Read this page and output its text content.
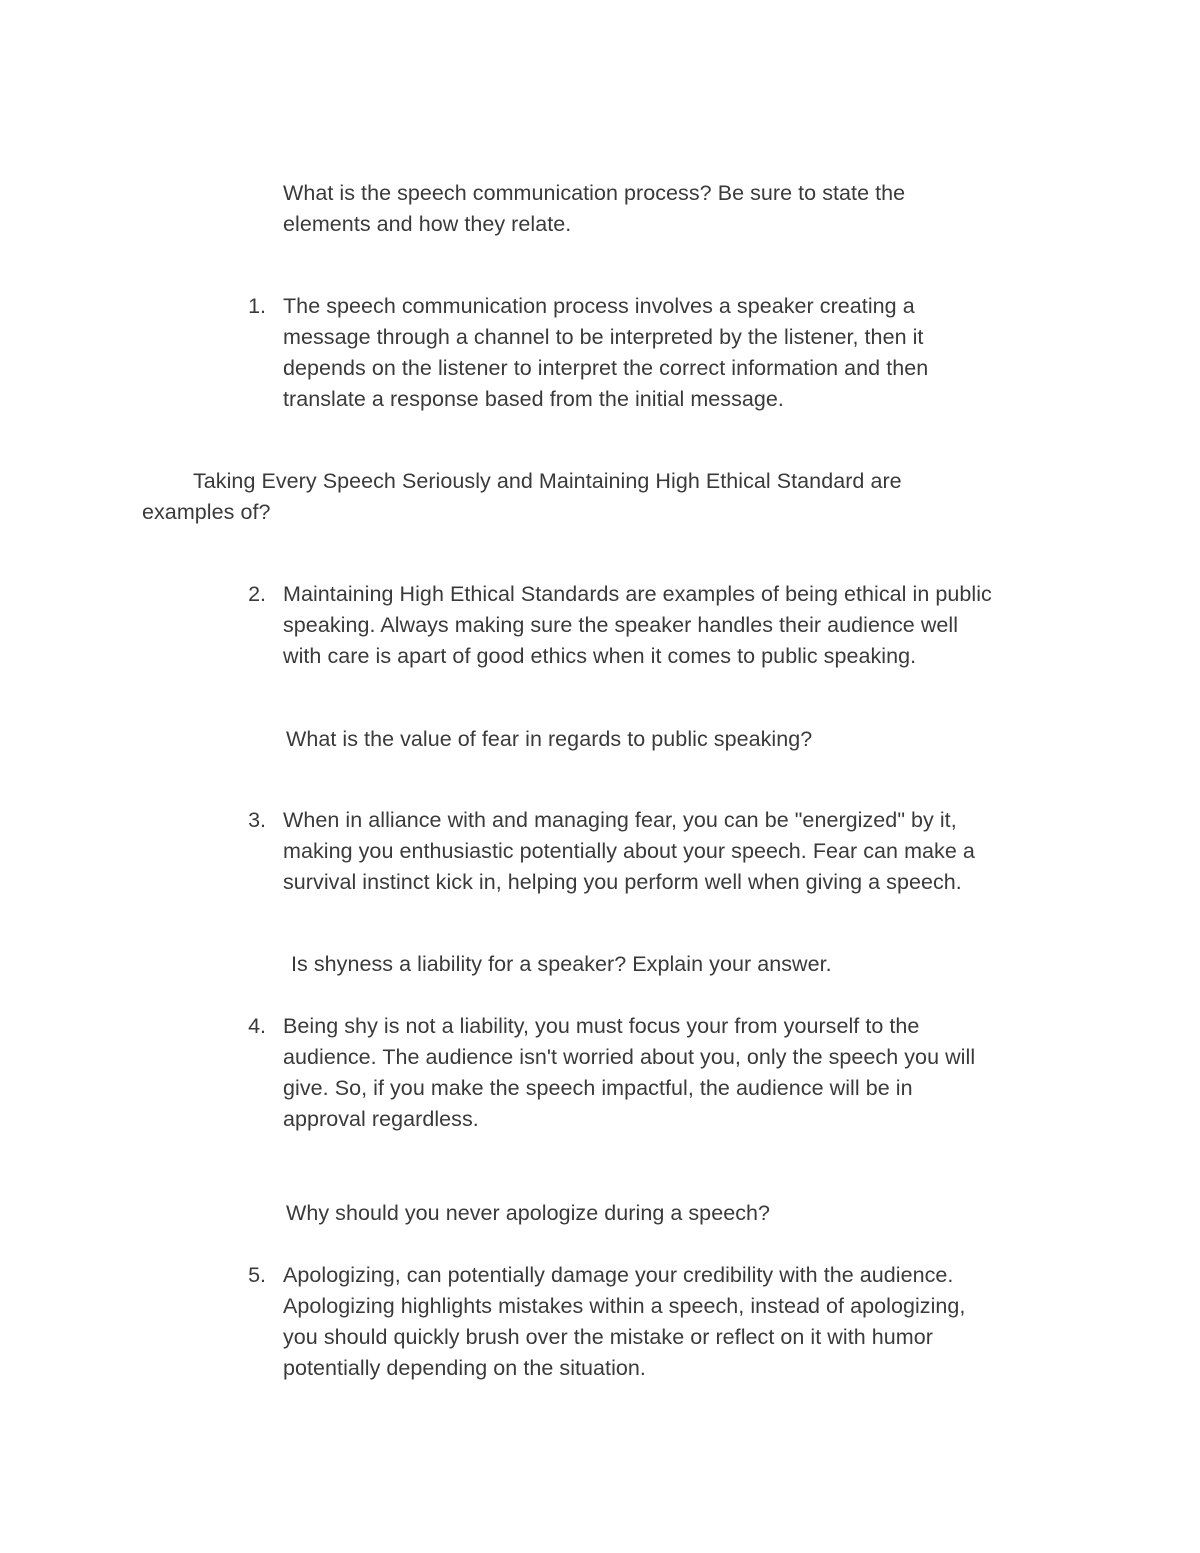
What is the speech communication process? Be sure to state the
elements and how they relate.
1. The speech communication process involves a speaker creating a
message through a channel to be interpreted by the listener, then it
depends on the listener to interpret the correct information and then
translate a response based from the initial message.
Taking Every Speech Seriously and Maintaining High Ethical Standard are
examples of?
2. Maintaining High Ethical Standards are examples of being ethical in public
speaking. Always making sure the speaker handles their audience well
with care is apart of good ethics when it comes to public speaking.
What is the value of fear in regards to public speaking?
3. When in alliance with and managing fear, you can be "energized" by it,
making you enthusiastic potentially about your speech. Fear can make a
survival instinct kick in, helping you perform well when giving a speech.
Is shyness a liability for a speaker? Explain your answer.
4. Being shy is not a liability, you must focus your from yourself to the
audience. The audience isn't worried about you, only the speech you will
give. So, if you make the speech impactful, the audience will be in
approval regardless.
Why should you never apologize during a speech?
5. Apologizing, can potentially damage your credibility with the audience.
Apologizing highlights mistakes within a speech, instead of apologizing,
you should quickly brush over the mistake or reflect on it with humor
potentially depending on the situation.
